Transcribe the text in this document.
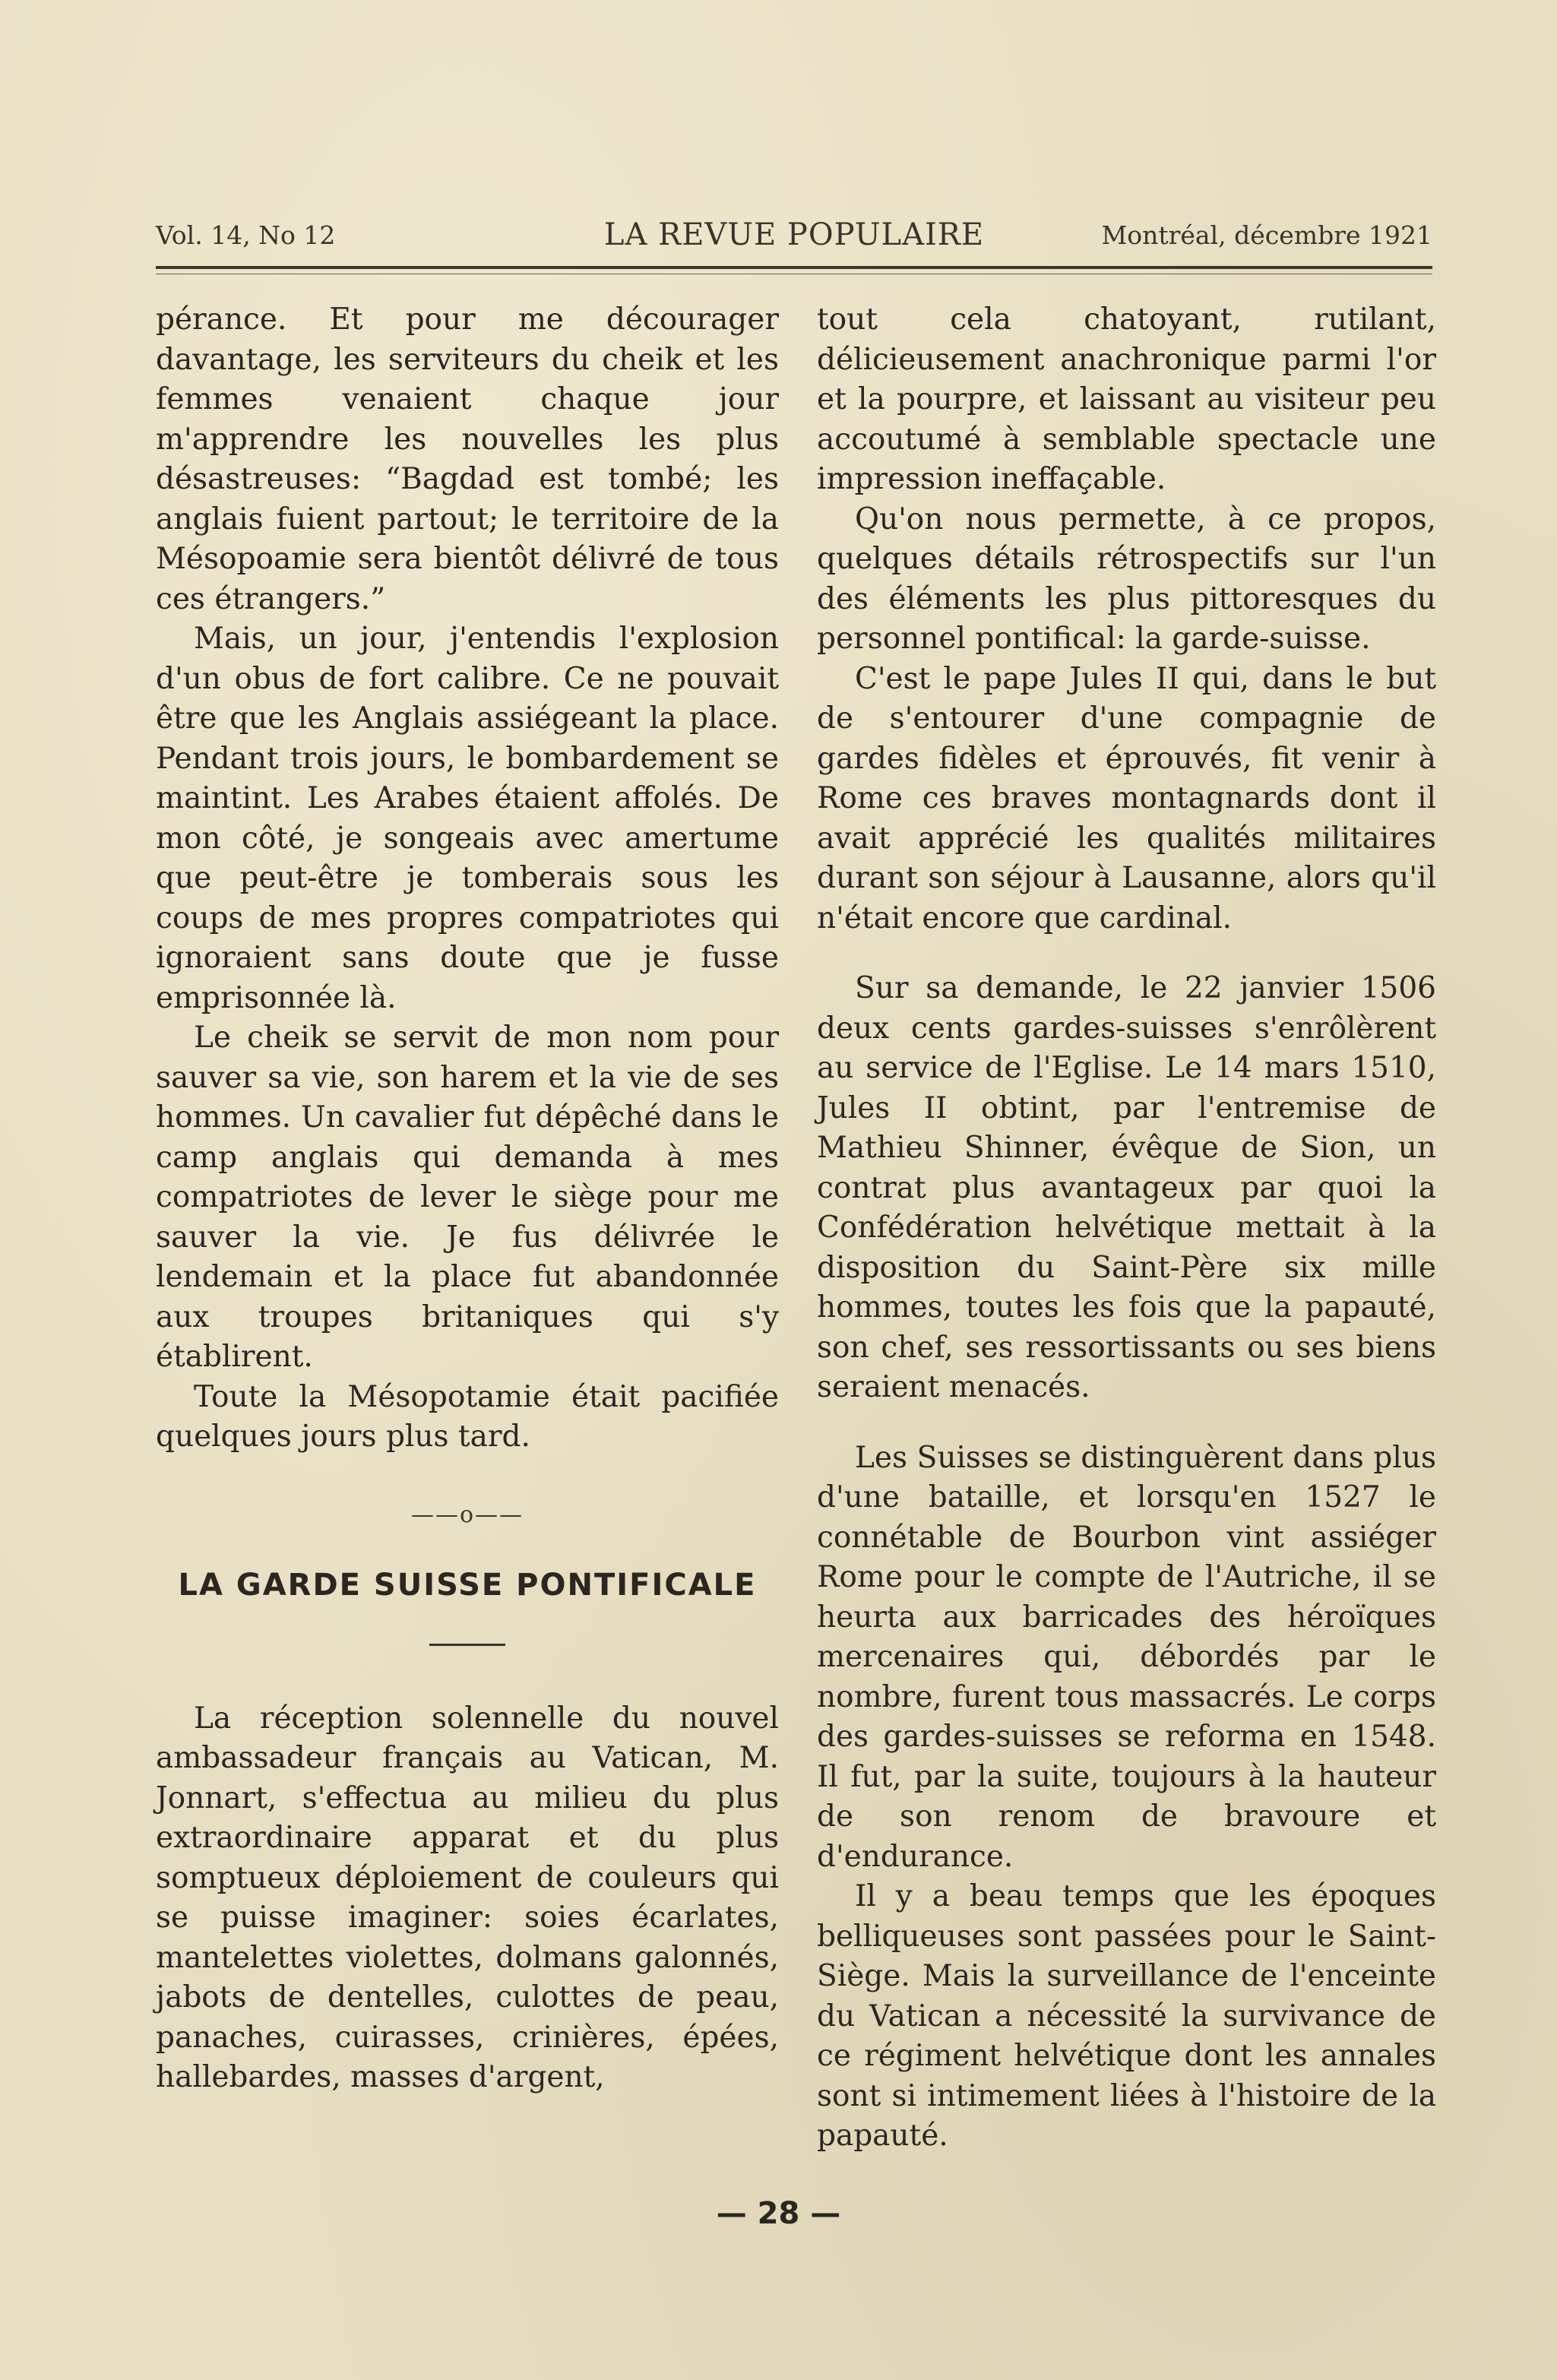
Vol. 14, No 12	LA REVUE POPULAIRE	Montréal, décembre 1921

pérance. Et pour me décourager davantage, les serviteurs du cheik et les femmes venaient chaque jour m'apprendre les nouvelles les plus désastreuses: “Bagdad est tombé; les anglais fuient partout; le territoire de la Mésopoamie sera bientôt délivré de tous ces étrangers.”

Mais, un jour, j'entendis l'explosion d'un obus de fort calibre. Ce ne pouvait être que les Anglais assiégeant la place. Pendant trois jours, le bombardement se maintint. Les Arabes étaient affolés. De mon côté, je songeais avec amertume que peut-être je tomberais sous les coups de mes propres compatriotes qui ignoraient sans doute que je fusse emprisonnée là.

Le cheik se servit de mon nom pour sauver sa vie, son harem et la vie de ses hommes. Un cavalier fut dépêché dans le camp anglais qui demanda à mes compatriotes de lever le siège pour me sauver la vie. Je fus délivrée le lendemain et la place fut abandonnée aux troupes britaniques qui s'y établirent.

Toute la Mésopotamie était pacifiée quelques jours plus tard.

——o——
LA GARDE SUISSE PONTIFICALE

La réception solennelle du nouvel ambassadeur français au Vatican, M. Jonnart, s'effectua au milieu du plus extraordinaire apparat et du plus somptueux déploiement de couleurs qui se puisse imaginer: soies écarlates, mantelettes violettes, dolmans galonnés, jabots de dentelles, culottes de peau, panaches, cuirasses, crinières, épées, hallebardes, masses d'argent,

tout cela chatoyant, rutilant, délicieusement anachronique parmi l'or et la pourpre, et laissant au visiteur peu accoutumé à semblable spectacle une impression ineffaçable.

Qu'on nous permette, à ce propos, quelques détails rétrospectifs sur l'un des éléments les plus pittoresques du personnel pontifical: la garde-suisse.

C'est le pape Jules II qui, dans le but de s'entourer d'une compagnie de gardes fidèles et éprouvés, fit venir à Rome ces braves montagnards dont il avait apprécié les qualités militaires durant son séjour à Lausanne, alors qu'il n'était encore que cardinal.

Sur sa demande, le 22 janvier 1506 deux cents gardes-suisses s'enrôlèrent au service de l'Eglise. Le 14 mars 1510, Jules II obtint, par l'entremise de Mathieu Shinner, évêque de Sion, un contrat plus avantageux par quoi la Confédération helvétique mettait à la disposition du Saint-Père six mille hommes, toutes les fois que la papauté, son chef, ses ressortissants ou ses biens seraient menacés.

Les Suisses se distinguèrent dans plus d'une bataille, et lorsqu'en 1527 le connétable de Bourbon vint assiéger Rome pour le compte de l'Autriche, il se heurta aux barricades des héroïques mercenaires qui, débordés par le nombre, furent tous massacrés. Le corps des gardes-suisses se reforma en 1548. Il fut, par la suite, toujours à la hauteur de son renom de bravoure et d'endurance.

Il y a beau temps que les époques belliqueuses sont passées pour le Saint-Siège. Mais la surveillance de l'enceinte du Vatican a nécessité la survivance de ce régiment helvétique dont les annales sont si intimement liées à l'histoire de la papauté.

— 28 —
